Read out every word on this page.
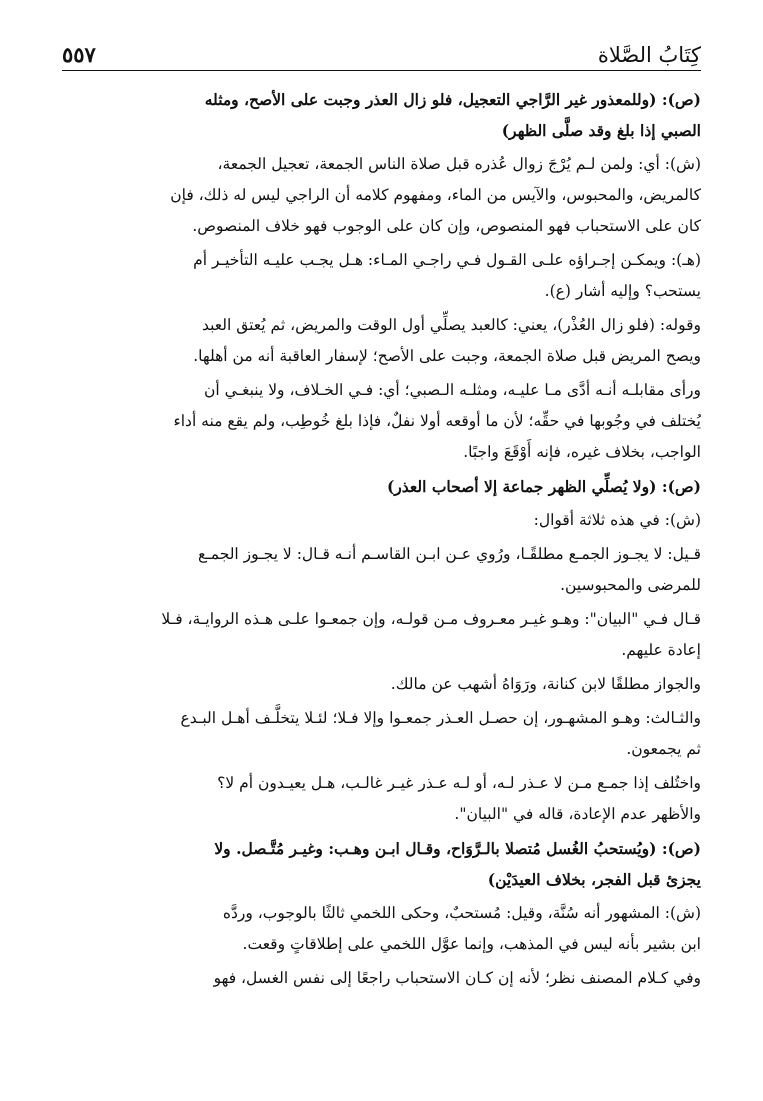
كِتَابُ الصَّلاة
٥٥٧
(ص): (وللمعذور غير الرَّاجي التعجيل، فلو زال العذر وجبت على الأصح، ومثله
الصبي إذا بلغ وقد صلَّى الظهر)
(ش): أي: ولمن لـم يُرْجَ زوال عُذره قبل صلاة الناس الجمعة، تعجيل الجمعة،
كالمريض، والمحبوس، والآيس من الماء، ومفهوم كلامه أن الراجي ليس له ذلك، فإن
كان على الاستحباب فهو المنصوص، وإن كان على الوجوب فهو خلاف المنصوص.
(هـ): ويمكـن إجـراؤه علـى القـول فـي راجـي المـاء: هـل يجـب عليـه التأخيـر أم
يستحب؟ وإليه أشار (ع).
وقوله: (فلو زال العُذْر)، يعني: كالعبد يصلِّي أول الوقت والمريض، ثم يُعتق العبد
ويصح المريض قبل صلاة الجمعة، وجبت على الأصح؛ لإسفار العاقبة أنه من أهلها.
ورأى مقابلـه أنـه أدَّى مـا عليـه، ومثلـه الـصبي؛ أي: فـي الخـلاف، ولا ينبغـي أن
يُختلف في وجُوبها في حقِّه؛ لأن ما أوقعه أولا نفلٌ، فإذا بلغ خُوطِب، ولم يقع منه أداء
الواجب، بخلاف غيره، فإنه أَوْقَعَ واجبًا.
(ص): (ولا يُصلِّي الظهر جماعة إلا أصحاب العذر)
(ش): في هذه ثلاثة أقوال:
قـيل: لا يجـوز الجمـع مطلقًـا، ورُوي عـن ابـن القاسـم أنـه قـال: لا يجـوز الجمـع
للمرضى والمحبوسين.
قـال فـي "البيان": وهـو غيـر معـروف مـن قولـه، وإن جمعـوا علـى هـذه الروايـة، فـلا
إعادة عليهم.
والجواز مطلقًا لابن كنانة، ورَوَاهُ أشهب عن مالك.
والثـالث: وهـو المشهـور، إن حصـل العـذر جمعـوا وإلا فـلا؛ لئـلا يتخلَّـف أهـل البـدع
ثم يجمعون.
واختُلف إذا جمـع مـن لا عـذر لـه، أو لـه عـذر غيـر غالـب، هـل يعيـدون أم لا؟
والأظهر عدم الإعادة، قاله في "البيان".
(ص): (ويُستحبُ الغُسل مُتصلا بالـرَّوَاح، وقـال ابـن وهـب: وغيـر مُتَّـصل. ولا
يجزئ قبل الفجر، بخلاف العيدَيْن)
(ش): المشهور أنه سُنَّة، وقيل: مُستحبٌ، وحكى اللخمي ثالثًا بالوجوب، وردَّه
ابن بشير بأنه ليس في المذهب، وإنما عوَّل اللخمي على إطلاقاتٍ وقعت.
وفي كـلام المصنف نظر؛ لأنه إن كـان الاستحباب راجعًا إلى نفس الغسل، فهو
